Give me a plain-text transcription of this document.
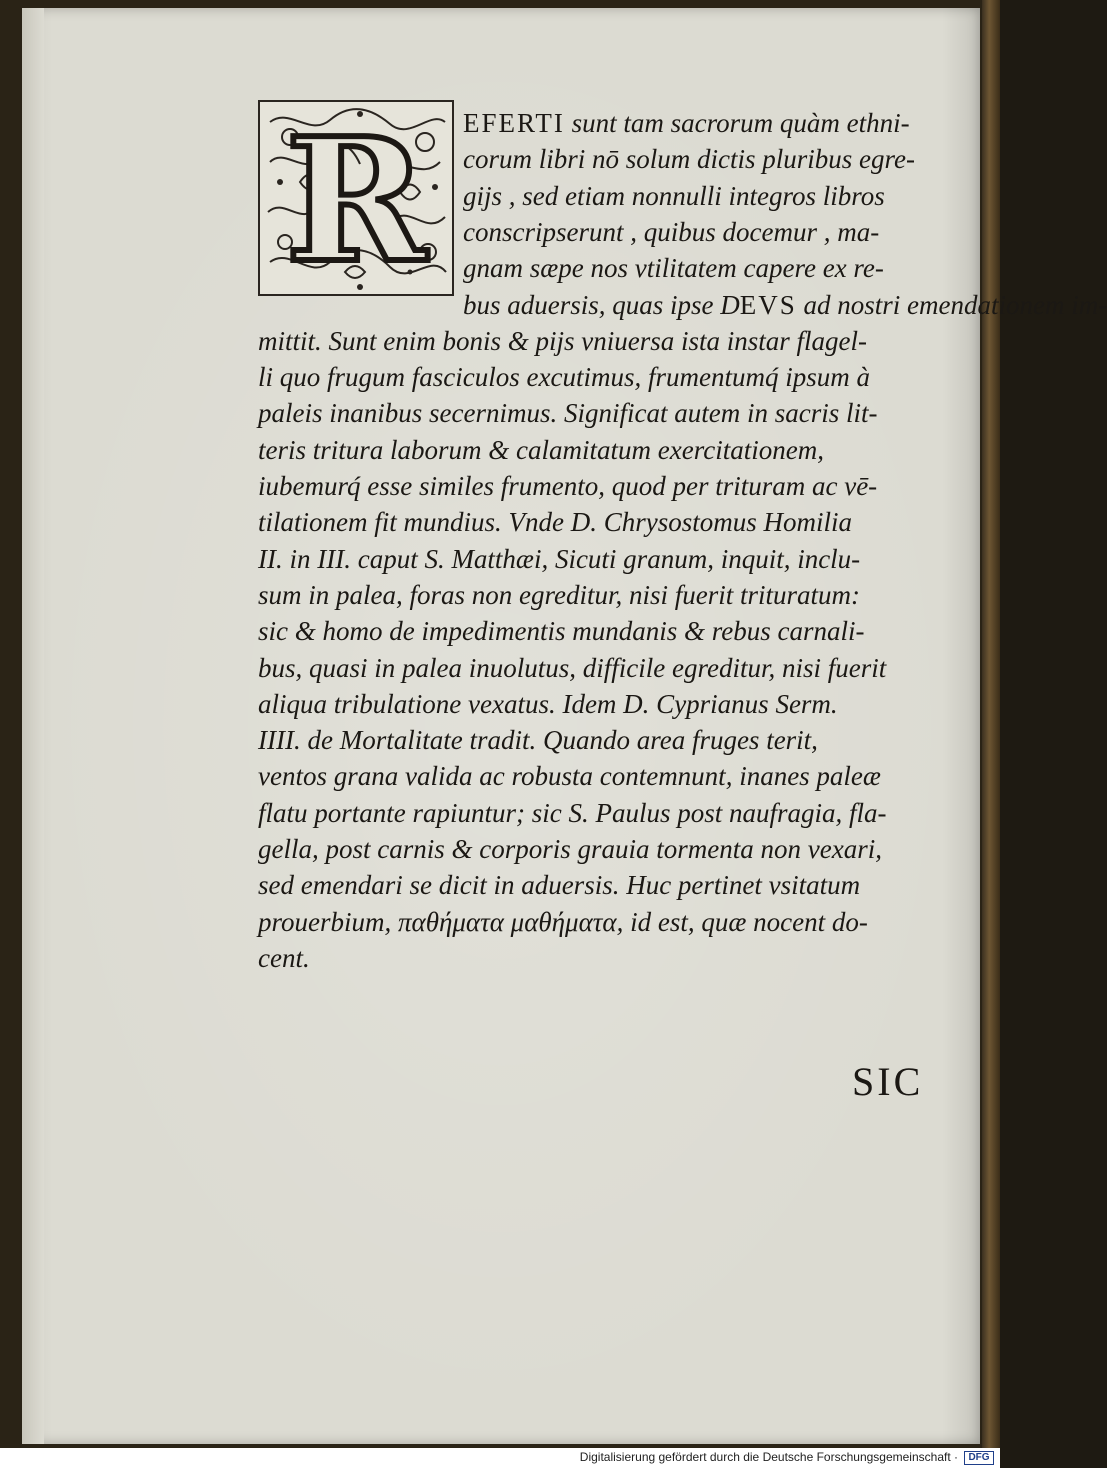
R	EFERTI sunt tam sacrorum quàm ethni-
corum libri nō solum dictis pluribus egre-
gijs , sed etiam nonnulli integros libros
conscripserunt , quibus docemur , ma-
gnam sæpe nos vtilitatem capere ex re-
bus aduersis, quas ipse DEVS ad nostri emendationem im-
mittit. Sunt enim bonis & pijs vniuersa ista instar flagel-
li quo frugum fasciculos excutimus, frumentumq́ ipsum à
paleis inanibus secernimus. Significat autem in sacris lit-
teris tritura laborum & calamitatum exercitationem,
iubemurq́ esse similes frumento, quod per trituram ac vē-
tilationem fit mundius. Vnde D. Chrysostomus Homilia
II. in III. caput S. Matthæi, Sicuti granum, inquit, inclu-
sum in palea, foras non egreditur, nisi fuerit trituratum:
sic & homo de impedimentis mundanis & rebus carnali-
bus, quasi in palea inuolutus, difficile egreditur, nisi fuerit
aliqua tribulatione vexatus. Idem D. Cyprianus Serm.
IIII. de Mortalitate tradit. Quando area fruges terit,
ventos grana valida ac robusta contemnunt, inanes paleæ
flatu portante rapiuntur; sic S. Paulus post naufragia, fla-
gella, post carnis & corporis grauia tormenta non vexari,
sed emendari se dicit in aduersis. Huc pertinet vsitatum
prouerbium, παθήματα μαθήματα, id est, quæ nocent do-
cent.
SIC
Digitalisierung gefördert durch die Deutsche Forschungsgemeinschaft ·	DFG
